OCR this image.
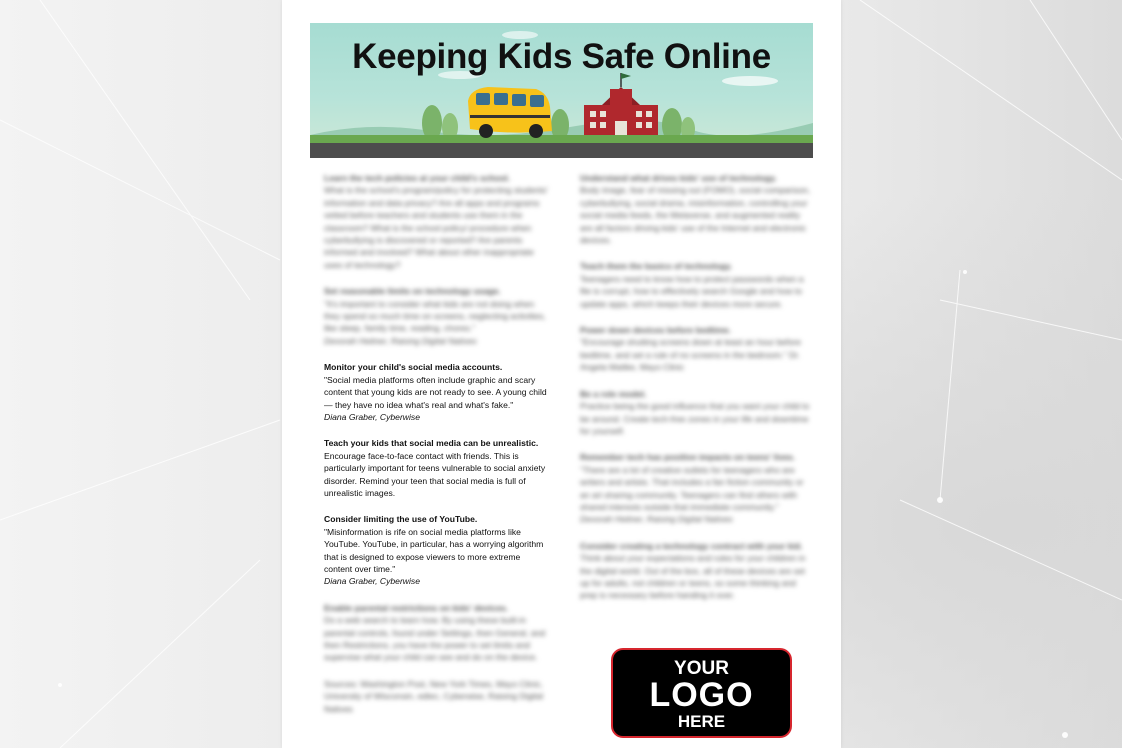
Keeping Kids Safe Online
Learn the tech policies at your child's school.
What is the school's program/policy for protecting students' information and data privacy? Are all apps and programs vetted before teachers and students use them in the classroom? What is the school policy/ procedure when cyberbullying is discovered or reported? Are parents informed and involved? What about other inappropriate uses of technology?
Set reasonable limits on technology usage.
"It's important to consider what kids are not doing when they spend so much time on screens, neglecting activities, like sleep, family time, reading, chores."
Devorah Heitner, Raising Digital Natives
Monitor your child's social media accounts.
"Social media platforms often include graphic and scary content that young kids are not ready to see. A young child — they have no idea what's real and what's fake."
Diana Graber, Cyberwise
Teach your kids that social media can be unrealistic.
Encourage face-to-face contact with friends. This is particularly important for teens vulnerable to social anxiety disorder. Remind your teen that social media is full of unrealistic images.
Consider limiting the use of YouTube.
"Misinformation is rife on social media platforms like YouTube. YouTube, in particular, has a worrying algorithm that is designed to expose viewers to more extreme content over time."
Diana Graber, Cyberwise
Enable parental restrictions on kids' devices.
Do a web search to learn how. By using these built-in parental controls, found under Settings, then General, and then Restrictions, you have the power to set limits and supervise what your child can see and do on the device.
Sources: Washington Post, New York Times, Mayo Clinic, University of Wisconsin, edtec, Cyberwise, Raising Digital Natives
Understand what drives kids' use of technology.
Body image, fear of missing out (FOMO), social comparison, cyberbullying, social drama, misinformation, controlling your social media feeds, the Metaverse, and augmented reality are all factors driving kids' use of the Internet and electronic devices.
Teach them the basics of technology.
Teenagers need to know how to protect passwords when a file is corrupt, how to effectively search Google and how to update apps, which keeps their devices more secure.
Power down devices before bedtime.
"Encourage shutting screens down at least an hour before bedtime, and set a rule of no screens in the bedroom." Dr. Angela Mattke, Mayo Clinic
Be a role model.
Practice being the good influence that you want your child to be around. Create tech-free zones in your life and downtime for yourself.
Remember tech has positive impacts on teens' lives.
"There are a lot of creative outlets for teenagers who are writers and artists. That includes a fan fiction community or an art sharing community. Teenagers can find others with shared interests outside that immediate community."
Devorah Heitner, Raising Digital Natives
Consider creating a technology contract with your kid.
Think about your expectations and rules for your children in the digital world. Out of the box, all of these devices are set up for adults, not children or teens, so some thinking and prep is necessary before handing it over.
YOUR
LOGO
HERE
